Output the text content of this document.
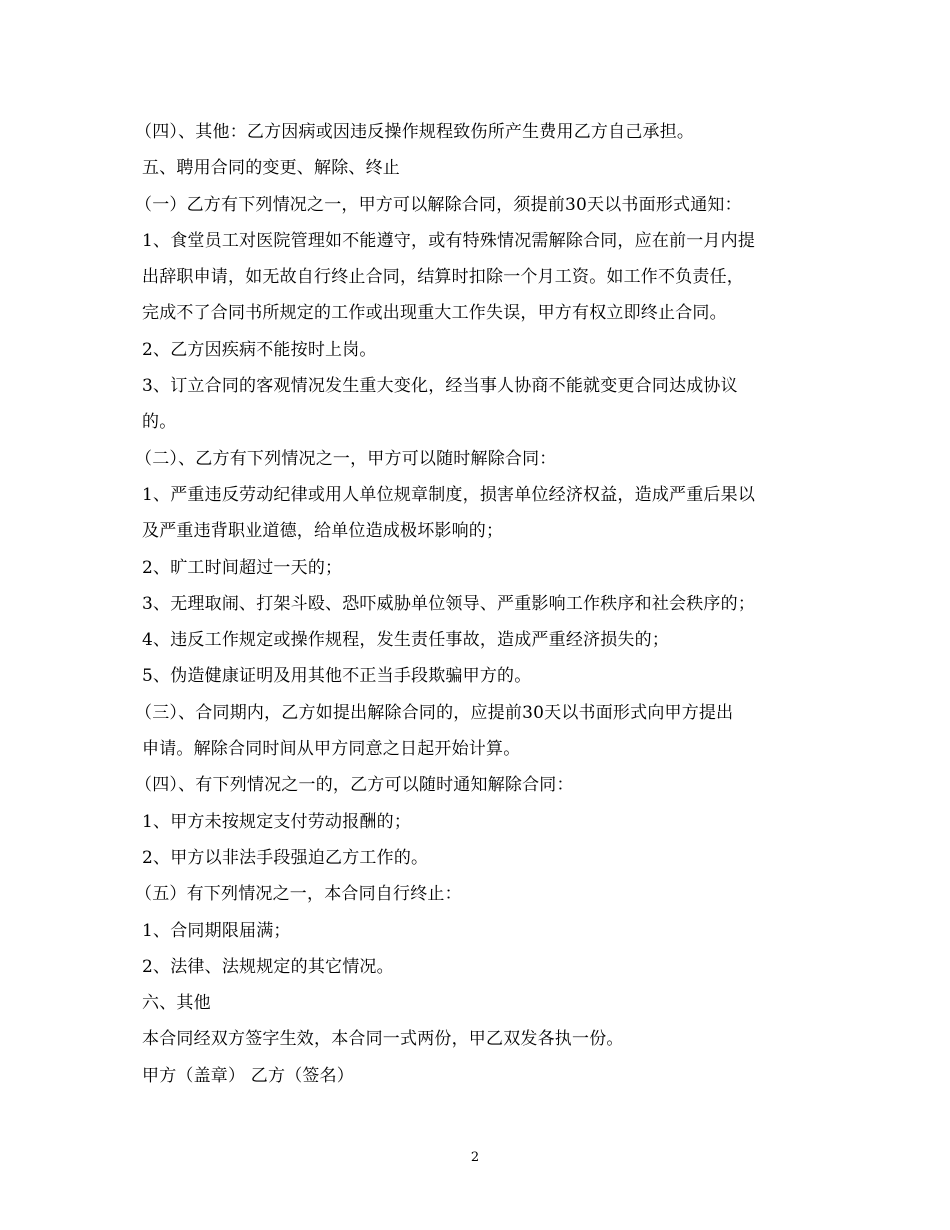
（四）、其他：乙方因病或因违反操作规程致伤所产生费用乙方自己承担。
五、聘用合同的变更、解除、终止
（一）乙方有下列情况之一，甲方可以解除合同，须提前30天以书面形式通知：
1、食堂员工对医院管理如不能遵守，或有特殊情况需解除合同，应在前一月内提
出辞职申请，如无故自行终止合同，结算时扣除一个月工资。如工作不负责任，
完成不了合同书所规定的工作或出现重大工作失误，甲方有权立即终止合同。
2、乙方因疾病不能按时上岗。
3、订立合同的客观情况发生重大变化，经当事人协商不能就变更合同达成协议
的。
（二）、乙方有下列情况之一，甲方可以随时解除合同：
1、严重违反劳动纪律或用人单位规章制度，损害单位经济权益，造成严重后果以
及严重违背职业道德，给单位造成极坏影响的；
2、旷工时间超过一天的；
3、无理取闹、打架斗殴、恐吓威胁单位领导、严重影响工作秩序和社会秩序的；
4、违反工作规定或操作规程，发生责任事故，造成严重经济损失的；
5、伪造健康证明及用其他不正当手段欺骗甲方的。
（三）、合同期内，乙方如提出解除合同的，应提前30天以书面形式向甲方提出
申请。解除合同时间从甲方同意之日起开始计算。
（四）、有下列情况之一的，乙方可以随时通知解除合同：
1、甲方未按规定支付劳动报酬的；
2、甲方以非法手段强迫乙方工作的。
（五）有下列情况之一，本合同自行终止：
1、合同期限届满；
2、法律、法规规定的其它情况。
六、其他
本合同经双方签字生效，本合同一式两份，甲乙双发各执一份。
甲方（盖章） 乙方（签名）
2
